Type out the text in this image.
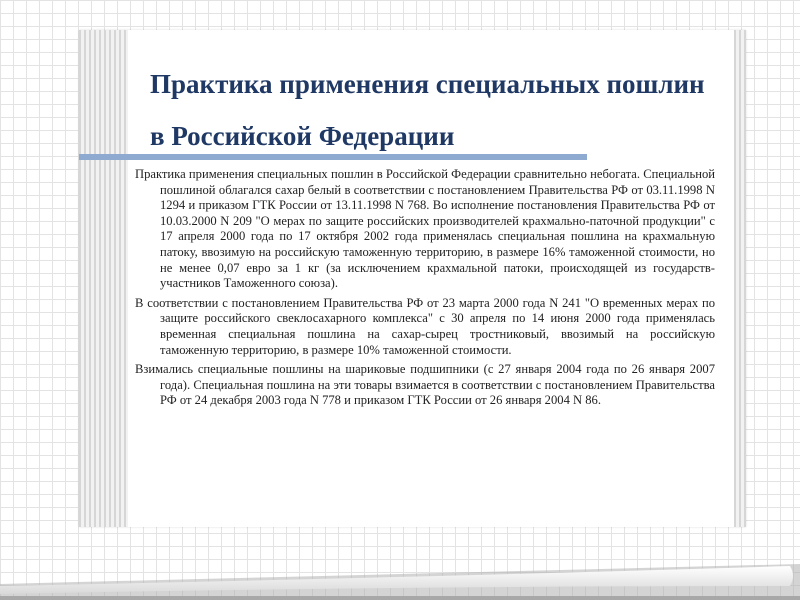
Практика применения специальных пошлин в Российской Федерации

Практика применения специальных пошлин в Российской Федерации сравнительно небогата. Специальной пошлиной облагался сахар белый в соответствии с постановлением Правительства РФ от 03.11.1998 N 1294 и приказом ГТК России от 13.11.1998 N 768. Во исполнение постановления Правительства РФ от 10.03.2000 N 209 "О мерах по защите российских производителей крахмально-паточной продукции" с 17 апреля 2000 года по 17 октября 2002 года применялась специальная пошлина на крахмальную патоку, ввозимую на российскую таможенную территорию, в размере 16% таможенной стоимости, но не менее 0,07 евро за 1 кг (за исключением крахмальной патоки, происходящей из государств-участников Таможенного союза).

В соответствии с постановлением Правительства РФ от 23 марта 2000 года N 241 "О временных мерах по защите российского свеклосахарного комплекса" с 30 апреля по 14 июня 2000 года применялась временная специальная пошлина на сахар-сырец тростниковый, ввозимый на российскую таможенную территорию, в размере 10% таможенной стоимости.

Взимались специальные пошлины на шариковые подшипники (с 27 января 2004 года по 26 января 2007 года). Специальная пошлина на эти товары взимается в соответствии с постановлением Правительства РФ от 24 декабря 2003 года N 778 и приказом ГТК России от 26 января 2004 N 86.
